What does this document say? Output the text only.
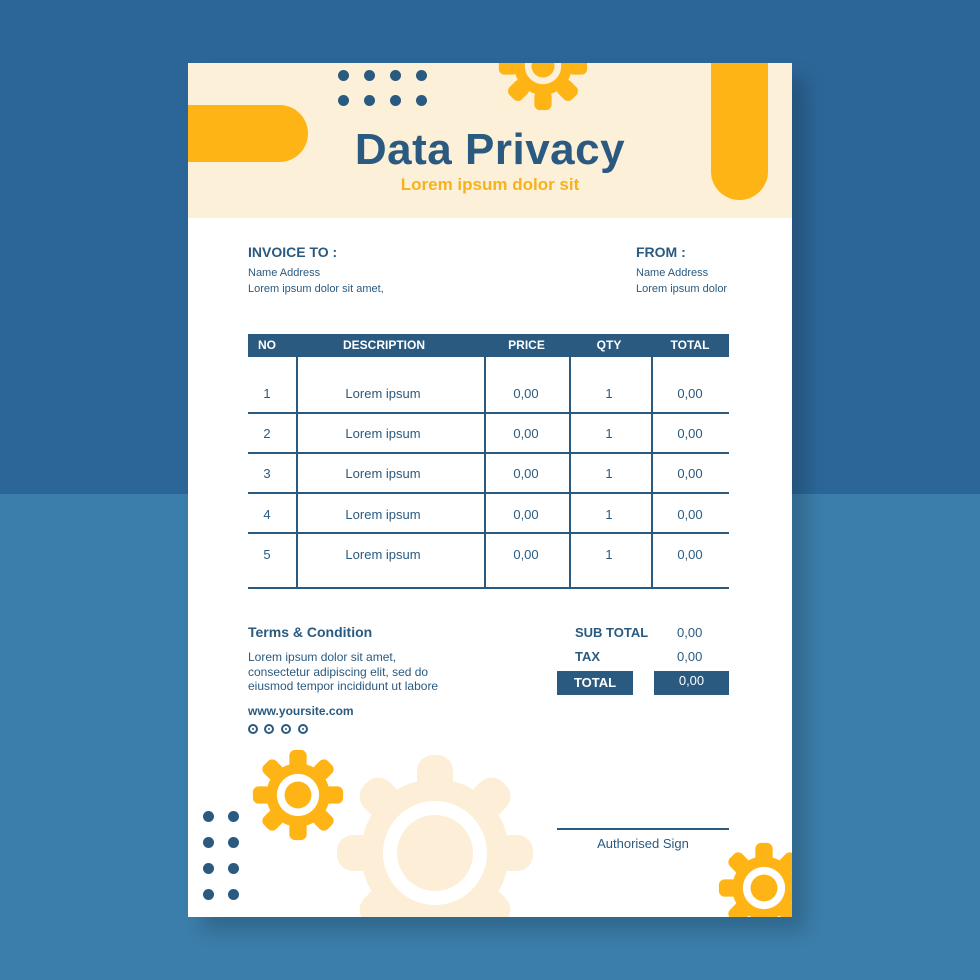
Data Privacy
Lorem ipsum dolor sit
INVOICE TO :
Name Address
Lorem ipsum dolor sit amet,
FROM :
Name Address
Lorem ipsum dolor
NO	DESCRIPTION	PRICE	QTY	TOTAL
1	Lorem ipsum	0,00	1	0,00
2	Lorem ipsum	0,00	1	0,00
3	Lorem ipsum	0,00	1	0,00
4	Lorem ipsum	0,00	1	0,00
5	Lorem ipsum	0,00	1	0,00
Terms & Condition
Lorem ipsum dolor sit amet,
consectetur adipiscing elit, sed do
eiusmod tempor incididunt ut labore
www.yoursite.com
SUB TOTAL 0,00
TAX	0,00
TOTAL	0,00
Authorised Sign
